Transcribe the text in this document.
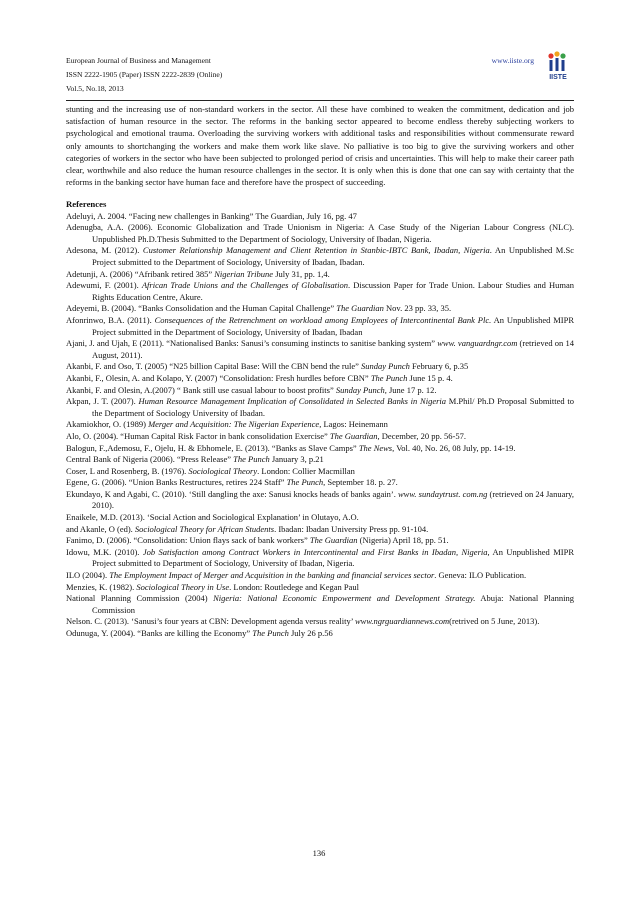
European Journal of Business and Management
ISSN 2222-1905 (Paper) ISSN 2222-2839 (Online)
Vol.5, No.18, 2013
www.iiste.org
IISTE

stunting and the increasing use of non-standard workers in the sector. All these have combined to weaken the commitment, dedication and job satisfaction of human resource in the sector. The reforms in the banking sector appeared to become endless thereby subjecting workers to psychological and emotional trauma. Overloading the surviving workers with additional tasks and responsibilities without commensurate reward only amounts to shortchanging the workers and make them work like slave. No palliative is too big to give the surviving workers and other categories of workers in the sector who have been subjected to prolonged period of crisis and uncertainties. This will help to make their career path clear, worthwhile and also reduce the human resource challenges in the sector. It is only when this is done that one can say with certainty that the reforms in the banking sector have human face and therefore have the prospect of succeeding.

References
Adeluyi, A. 2004. “Facing new challenges in Banking” The Guardian, July 16, pg. 47
Adenugba, A.A. (2006). Economic Globalization and Trade Unionism in Nigeria: A Case Study of the Nigerian Labour Congress (NLC). Unpublished Ph.D.Thesis Submitted to the Department of Sociology, University of Ibadan, Nigeria.
Adesona, M. (2012). Customer Relationship Management and Client Retention in Stanbic-IBTC Bank, Ibadan, Nigeria. An Unpublished M.Sc Project submitted to the Department of Sociology, University of Ibadan, Ibadan.
Adetunji, A. (2006) “Afribank retired 385” Nigerian Tribune July 31, pp. 1,4.
Adewumi, F. (2001). African Trade Unions and the Challenges of Globalisation. Discussion Paper for Trade Union. Labour Studies and Human Rights Education Centre, Akure.
Adeyemi, B. (2004). “Banks Consolidation and the Human Capital Challenge” The Guardian Nov. 23 pp. 33, 35.
Afonrinwo, B.A. (2011). Consequences of the Retrenchment on workload among Employees of Intercontinental Bank Plc. An Unpublished MIPR Project submitted in the Department of Sociology, University of Ibadan, Ibadan
Ajani, J. and Ujah, E (2011). “Nationalised Banks: Sanusi’s consuming instincts to sanitise banking system” www. vanguardngr.com (retrieved on 14 August, 2011).
Akanbi, F. and Oso, T. (2005) “N25 billion Capital Base: Will the CBN bend the rule” Sunday Punch February 6, p.35
Akanbi, F., Olesin, A. and Kolapo, Y. (2007) “Consolidation: Fresh hurdles before CBN” The Punch June 15 p. 4.
Akanbi, F. and Olesin, A.(2007) “ Bank still use casual labour to boost profits” Sunday Punch, June 17 p. 12.
Akpan, J. T. (2007). Human Resource Management Implication of Consolidated in Selected Banks in Nigeria M.Phil/ Ph.D Proposal Submitted to the Department of Sociology University of Ibadan.
Akamiokhor, O. (1989) Merger and Acquisition: The Nigerian Experience, Lagos: Heinemann
Alo, O. (2004). “Human Capital Risk Factor in bank consolidation Exercise” The Guardian, December, 20 pp. 56-57.
Balogun, F.,Ademosu, F., Ojelu, H. & Ebhomele, E. (2013). “Banks as Slave Camps” The News, Vol. 40, No. 26, 08 July, pp. 14-19.
Central Bank of Nigeria (2006). “Press Release” The Punch January 3, p.21
Coser, L and Rosenberg, B. (1976). Sociological Theory. London: Collier Macmillan
Egene, G. (2006). “Union Banks Restructures, retires 224 Staff” The Punch, September 18. p. 27.
Ekundayo, K and Agabi, C. (2010). ‘Still dangling the axe: Sanusi knocks heads of banks again’. www. sundaytrust. com.ng (retrieved on 24 January, 2010).
Enaikele, M.D. (2013). ‘Social Action and Sociological Explanation’ in Olutayo, A.O.
and Akanle, O (ed). Sociological Theory for African Students. Ibadan: Ibadan University Press pp. 91-104.
Fanimo, D. (2006). “Consolidation: Union flays sack of bank workers” The Guardian (Nigeria) April 18, pp. 51.
Idowu, M.K. (2010). Job Satisfaction among Contract Workers in Intercontinental and First Banks in Ibadan, Nigeria, An Unpublished MIPR Project submitted to Department of Sociology, University of Ibadan, Nigeria.
ILO (2004). The Employment Impact of Merger and Acquisition in the banking and financial services sector. Geneva: ILO Publication.
Menzies, K. (1982). Sociological Theory in Use. London: Routledege and Kegan Paul
National Planning Commission (2004) Nigeria: National Economic Empowerment and Development Strategy. Abuja: National Planning Commission
Nelson. C. (2013). ‘Sanusi’s four years at CBN: Development agenda versus reality’ www.ngrguardiannews.com(retrived on 5 June, 2013).
Odunuga, Y. (2004). “Banks are killing the Economy” The Punch July 26 p.56
136
